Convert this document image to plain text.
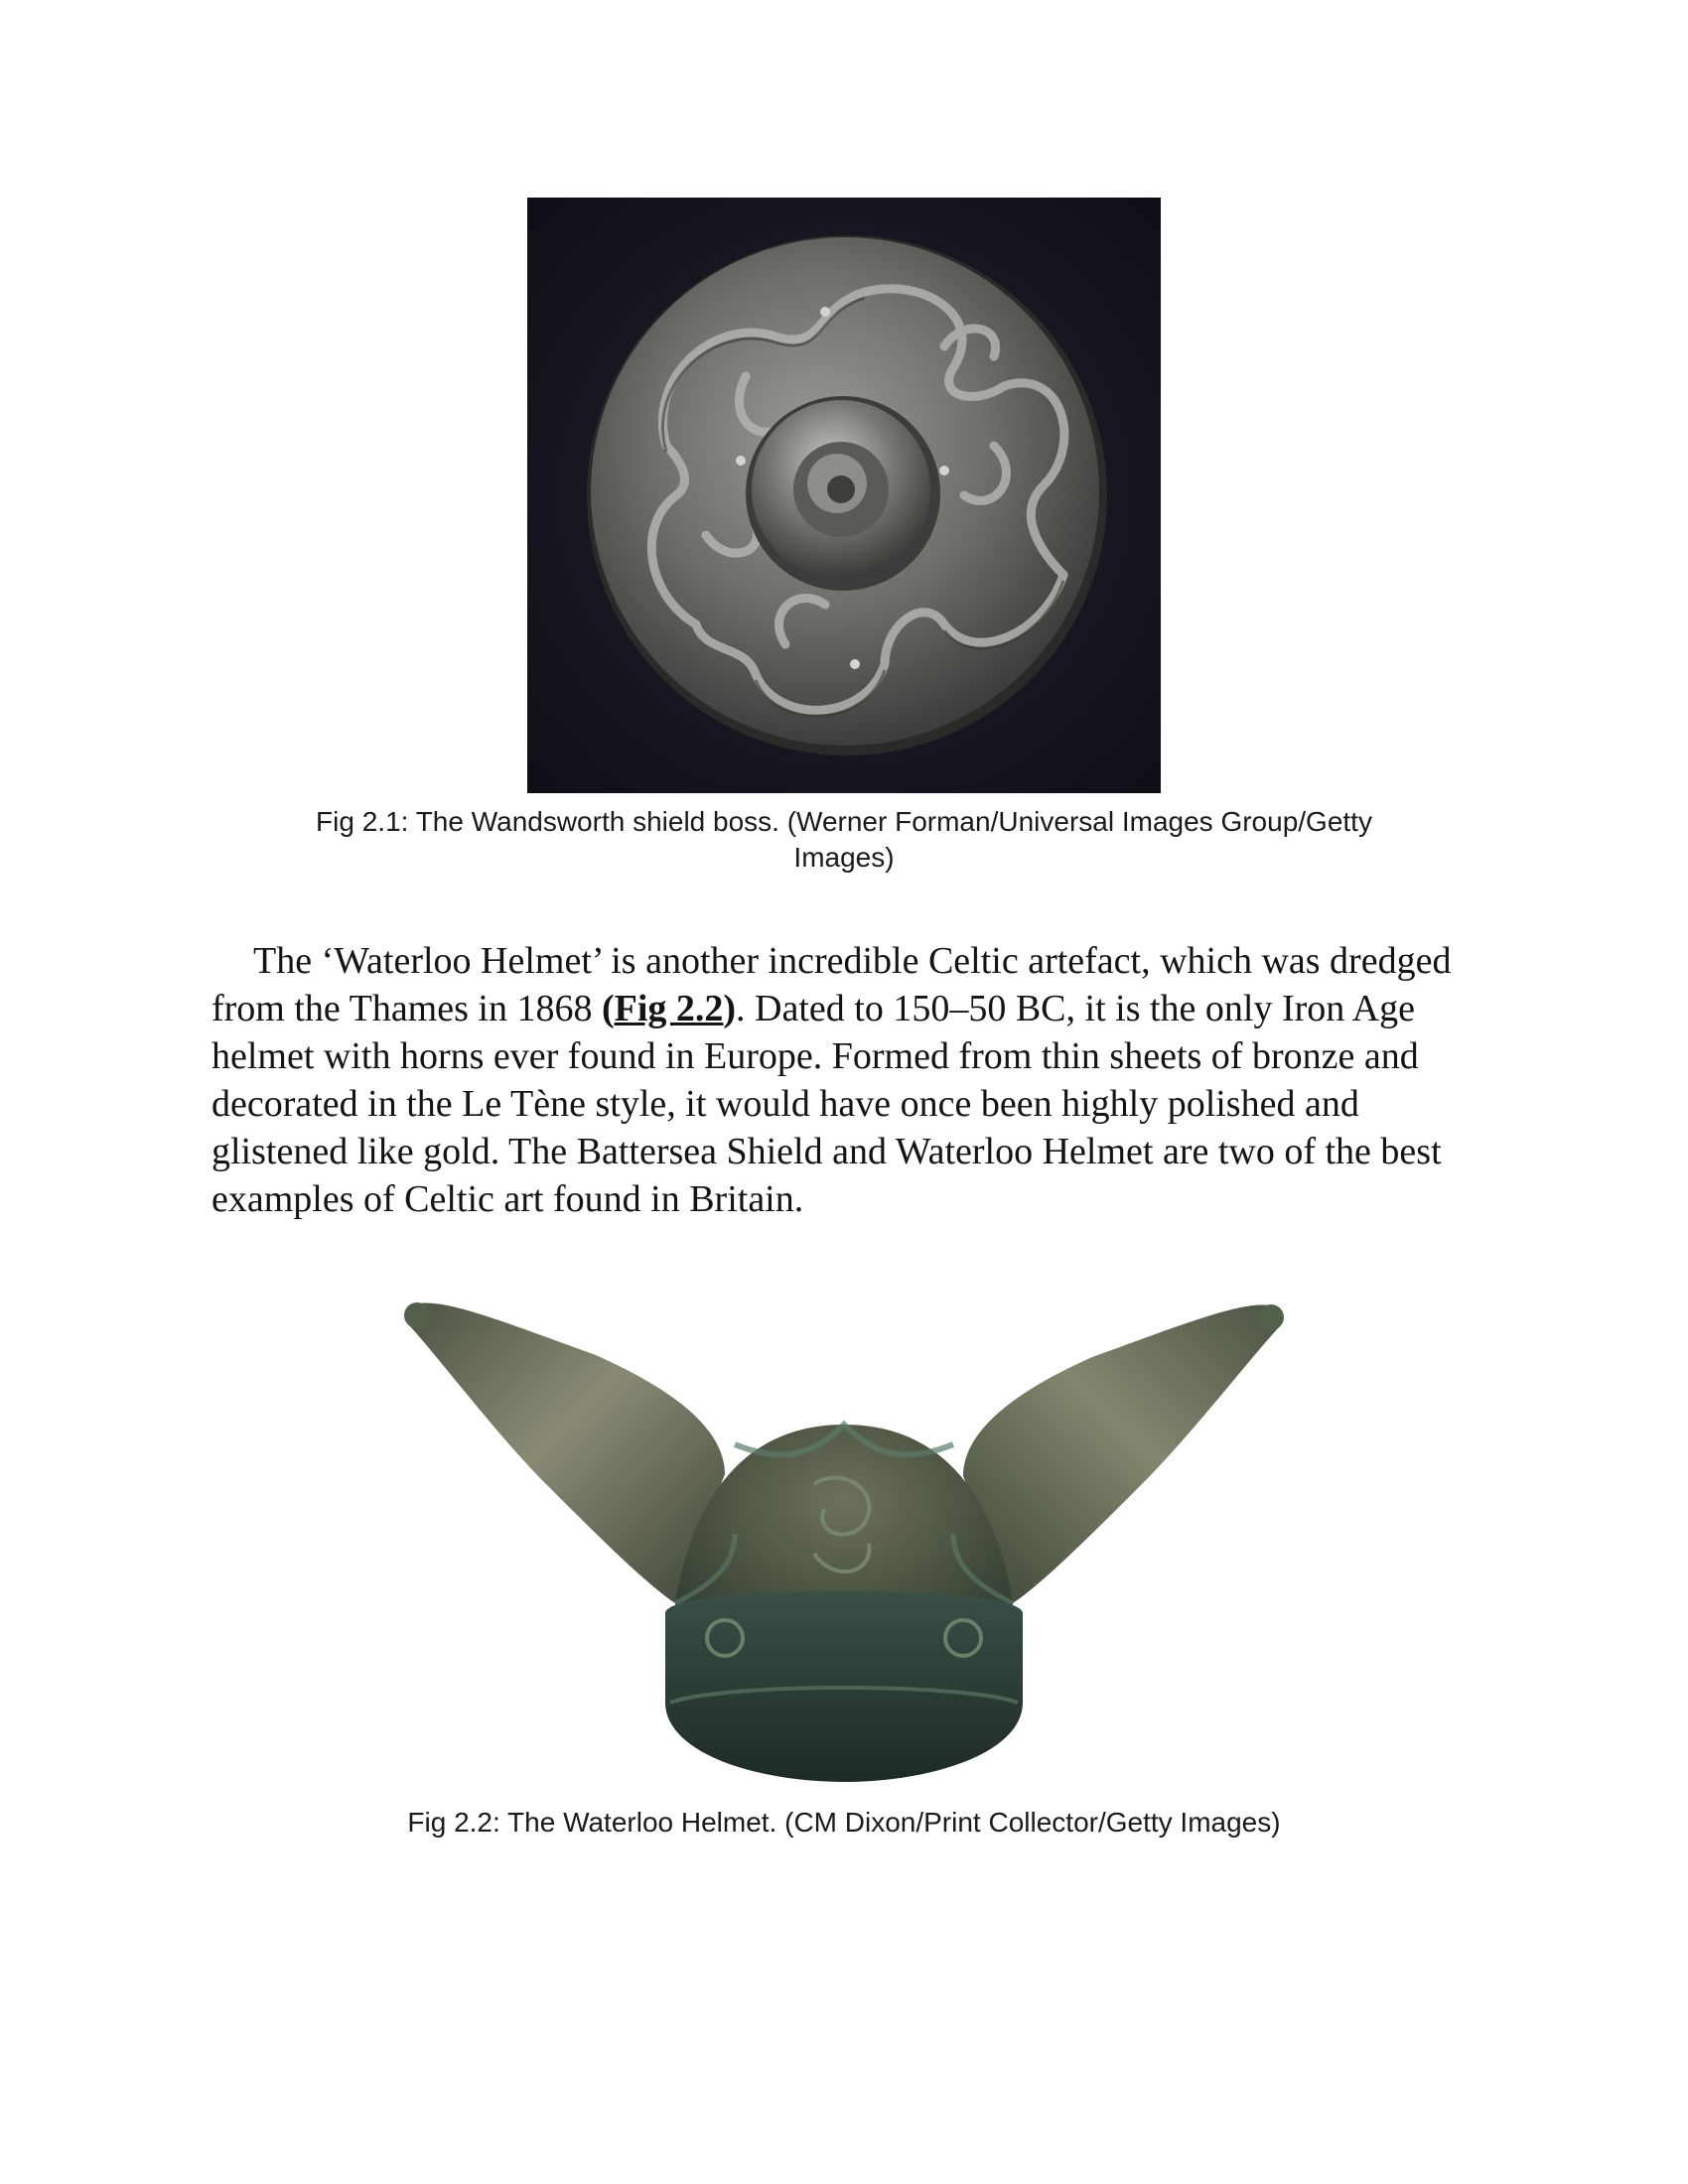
Fig 2.1: The Wandsworth shield boss. (Werner Forman/Universal Images Group/Getty
Images)

The ‘Waterloo Helmet’ is another incredible Celtic artefact, which was dredged from the Thames in 1868 (Fig 2.2). Dated to 150–50 BC, it is the only Iron Age helmet with horns ever found in Europe. Formed from thin sheets of bronze and decorated in the Le Tène style, it would have once been highly polished and glistened like gold. The Battersea Shield and Waterloo Helmet are two of the best examples of Celtic art found in Britain.

Fig 2.2: The Waterloo Helmet. (CM Dixon/Print Collector/Getty Images)
